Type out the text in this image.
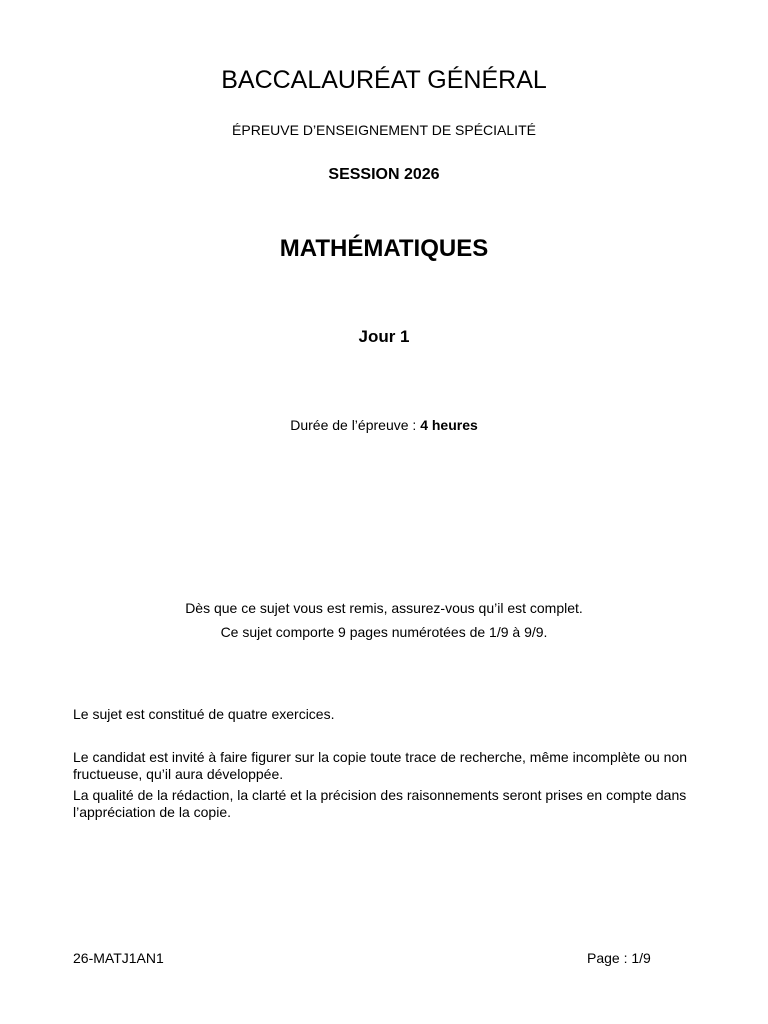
BACCALAURÉAT GÉNÉRAL
ÉPREUVE D’ENSEIGNEMENT DE SPÉCIALITÉ
SESSION 2026
MATHÉMATIQUES
Jour 1
Durée de l’épreuve : 4 heures
Dès que ce sujet vous est remis, assurez-vous qu’il est complet.
Ce sujet comporte 9 pages numérotées de 1/9 à 9/9.
Le sujet est constitué de quatre exercices.
Le candidat est invité à faire figurer sur la copie toute trace de recherche, même incomplète ou non fructueuse, qu’il aura développée.
La qualité de la rédaction, la clarté et la précision des raisonnements seront prises en compte dans l’appréciation de la copie.
26-MATJ1AN1	Page : 1/9
